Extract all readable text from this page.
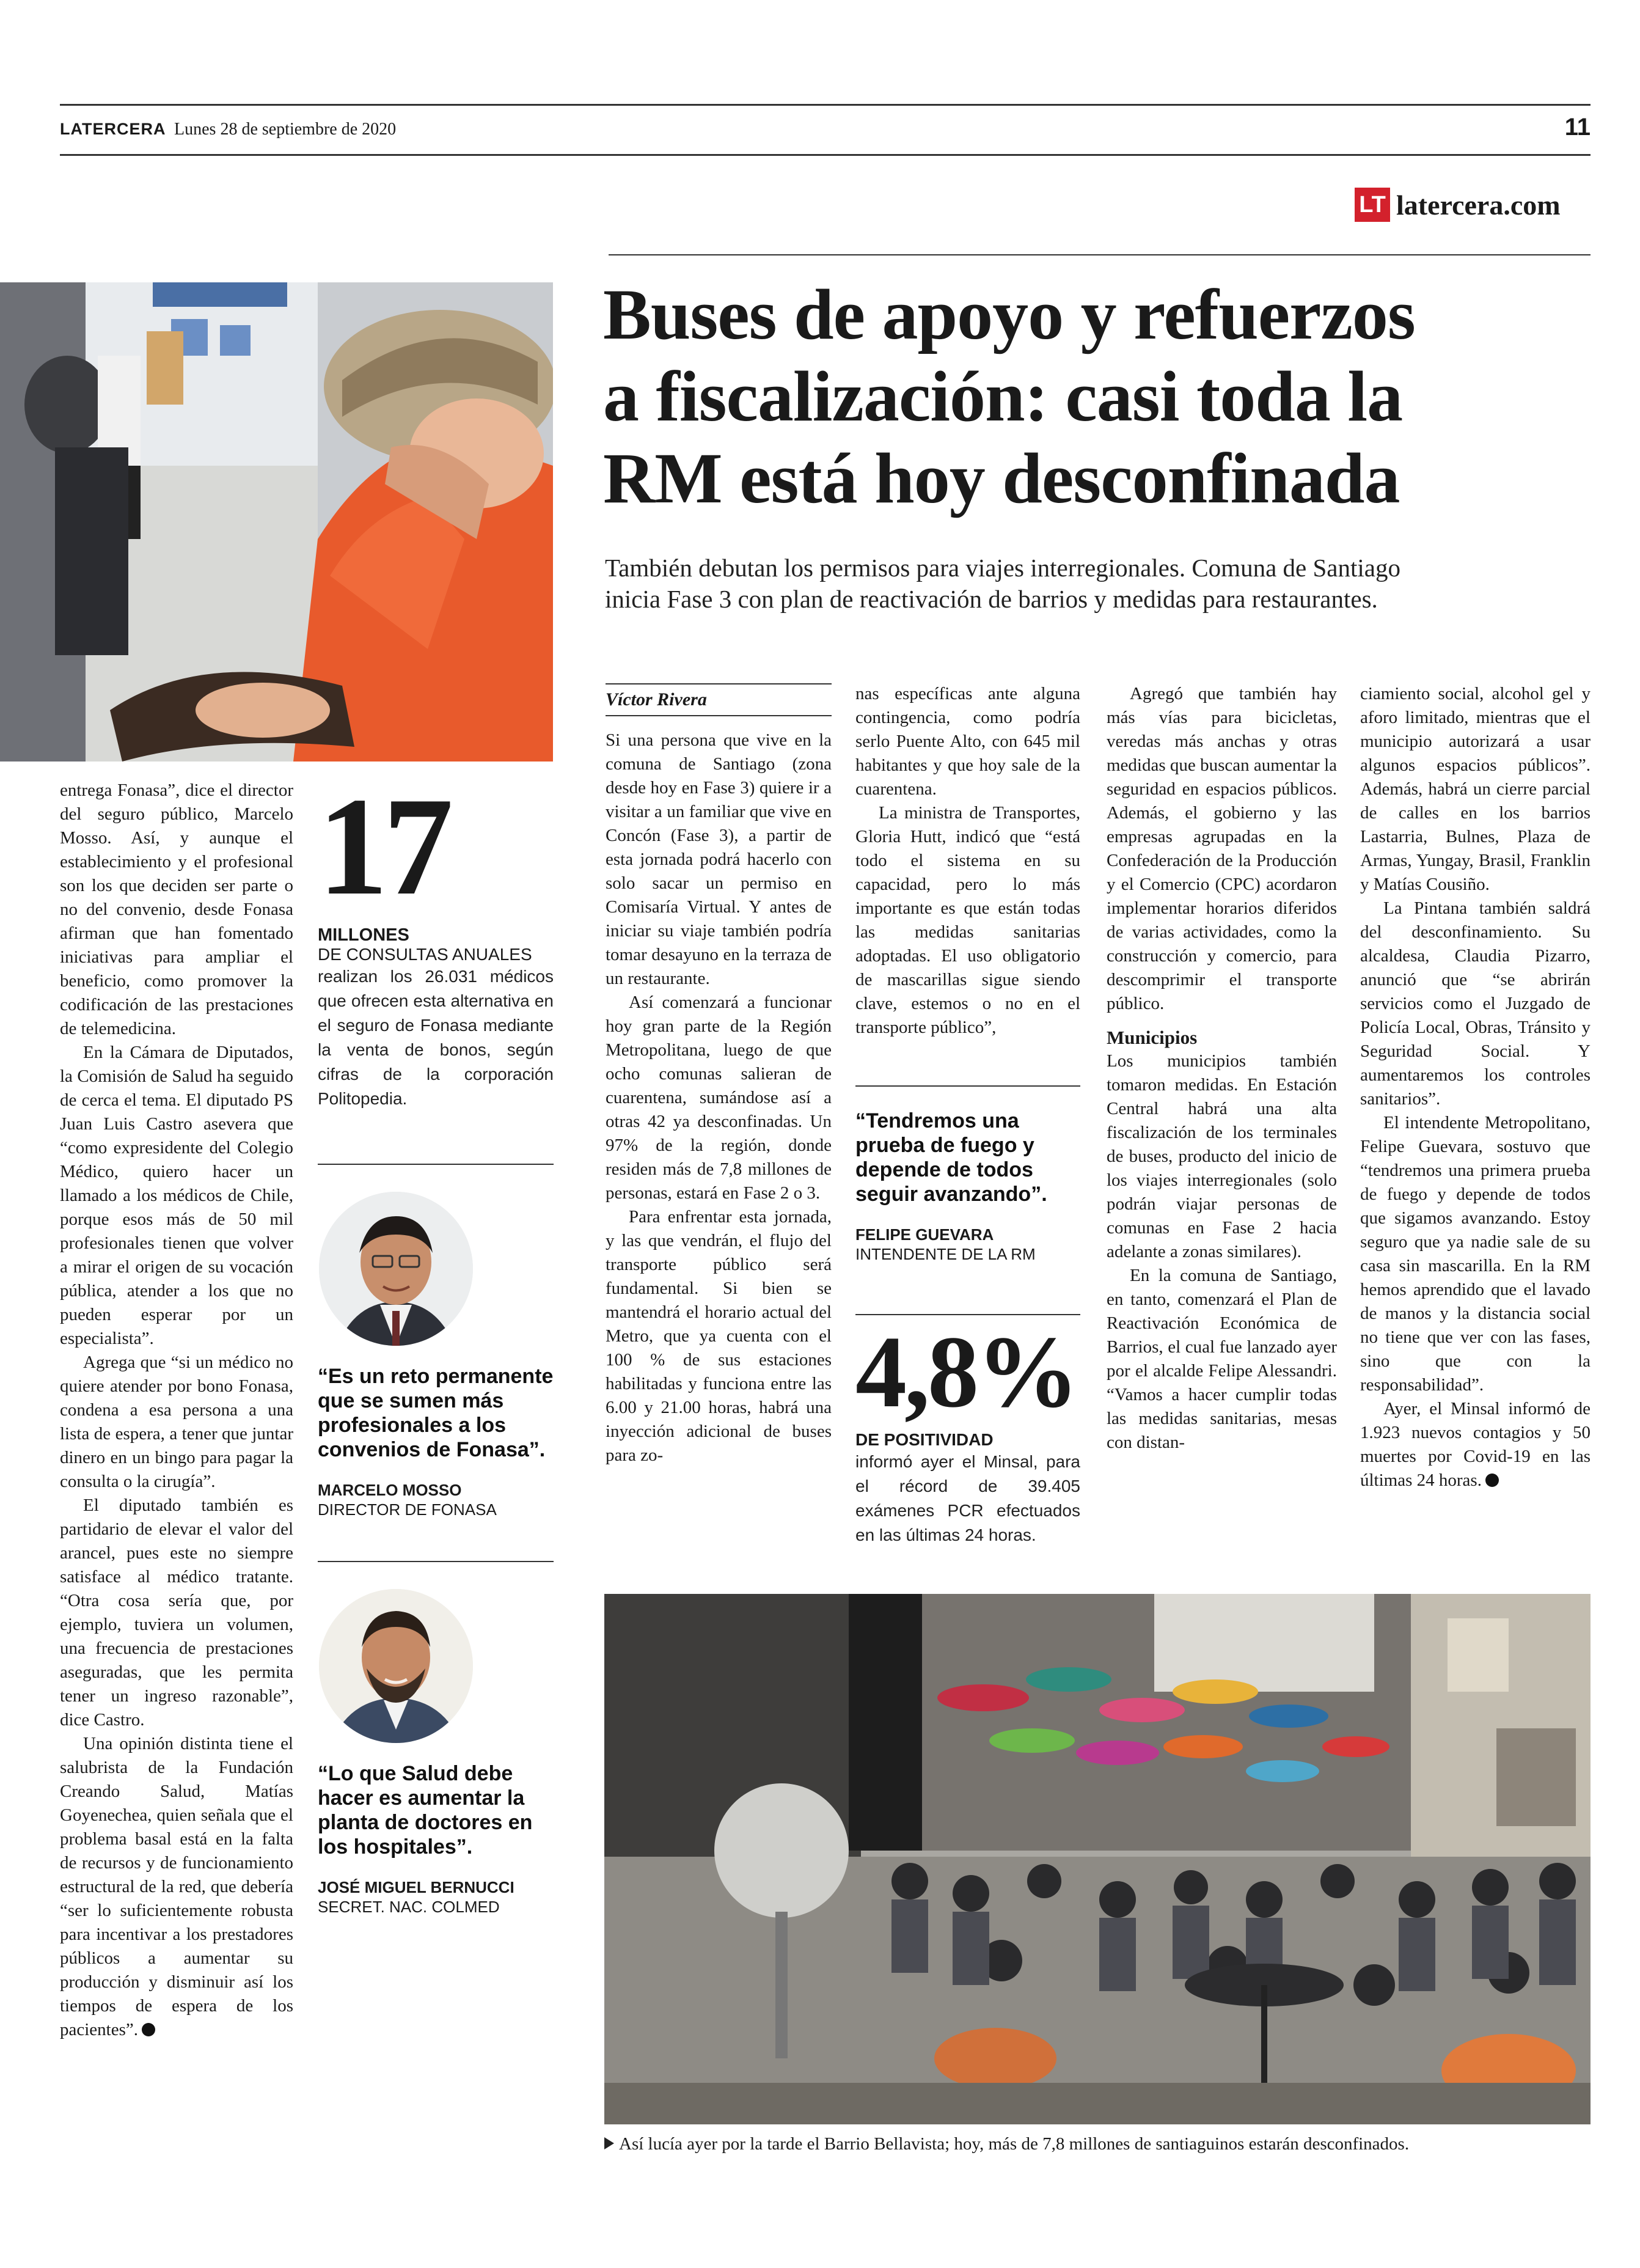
LATERCERA Lunes 28 de septiembre de 2020	11
LT latercera.com
Buses de apoyo y refuerzos
a fiscalización: casi toda la
RM está hoy desconfinada
También debutan los permisos para viajes interregionales. Comuna de Santiago
inicia Fase 3 con plan de reactivación de barrios y medidas para restaurantes.
Víctor Rivera

Si una persona que vive en la comuna de Santiago (zona desde hoy en Fase 3) quiere ir a visitar a un familiar que vive en Concón (Fase 3), a partir de esta jornada podrá hacerlo con solo sacar un permiso en Comisaría Virtual. Y antes de iniciar su viaje también podría tomar desayuno en la terraza de un restaurante.

Así comenzará a funcionar hoy gran parte de la Región Metropolitana, luego de que ocho comunas salieran de cuarentena, sumándose así a otras 42 ya desconfinadas. Un 97% de la región, donde residen más de 7,8 millones de personas, estará en Fase 2 o 3.

Para enfrentar esta jornada, y las que vendrán, el flujo del transporte público será fundamental. Si bien se mantendrá el horario actual del Metro, que ya cuenta con el 100 % de sus estaciones habilitadas y funciona entre las 6.00 y 21.00 horas, habrá una inyección adicional de buses para zo-

nas específicas ante alguna contingencia, como podría serlo Puente Alto, con 645 mil habitantes y que hoy sale de la cuarentena.

La ministra de Transportes, Gloria Hutt, indicó que “está todo el sistema en su capacidad, pero lo más importante es que están todas las medidas sanitarias adoptadas. El uso obligatorio de mascarillas sigue siendo clave, estemos o no en el transporte público”,

“Tendremos una prueba de fuego y depende de todos seguir avanzando”.
FELIPE GUEVARA
INTENDENTE DE LA RM
4,8%
DE POSITIVIDAD
informó ayer el Minsal, para el récord de 39.405 exámenes PCR efectuados en las últimas 24 horas.

Agregó que también hay más vías para bicicletas, veredas más anchas y otras medidas que buscan aumentar la seguridad en espacios públicos. Además, el gobierno y las empresas agrupadas en la Confederación de la Producción y el Comercio (CPC) acordaron implementar horarios diferidos de varias actividades, como la construcción y comercio, para descomprimir el transporte público.

Municipios

Los municipios también tomaron medidas. En Estación Central habrá una alta fiscalización de los terminales de buses, producto del inicio de los viajes interregionales (solo podrán viajar personas de comunas en Fase 2 hacia adelante a zonas similares).

En la comuna de Santiago, en tanto, comenzará el Plan de Reactivación Económica de Barrios, el cual fue lanzado ayer por el alcalde Felipe Alessandri. “Vamos a hacer cumplir todas las medidas sanitarias, mesas con distan-

ciamiento social, alcohol gel y aforo limitado, mientras que el municipio autorizará a usar algunos espacios públicos”. Además, habrá un cierre parcial de calles en los barrios Lastarria, Bulnes, Plaza de Armas, Yungay, Brasil, Franklin y Matías Cousiño.

La Pintana también saldrá del desconfinamiento. Su alcaldesa, Claudia Pizarro, anunció que “se abrirán servicios como el Juzgado de Policía Local, Obras, Tránsito y Seguridad Social. Y aumentaremos los controles sanitarios”.

El intendente Metropolitano, Felipe Guevara, sostuvo que “tendremos una primera prueba de fuego y depende de todos que sigamos avanzando. Estoy seguro que ya nadie sale de su casa sin mascarilla. En la RM hemos aprendido que el lavado de manos y la distancia social no tiene que ver con las fases, sino que con la responsabilidad”.

Ayer, el Minsal informó de 1.923 nuevos contagios y 50 muertes por Covid-19 en las últimas 24 horas.

Así lucía ayer por la tarde el Barrio Bellavista; hoy, más de 7,8 millones de santiaguinos estarán desconfinados.

entrega Fonasa”, dice el director del seguro público, Marcelo Mosso. Así, y aunque el establecimiento y el profesional son los que deciden ser parte o no del convenio, desde Fonasa afirman que han fomentado iniciativas para ampliar el beneficio, como promover la codificación de las prestaciones de telemedicina.

En la Cámara de Diputados, la Comisión de Salud ha seguido de cerca el tema. El diputado PS Juan Luis Castro asevera que “como expresidente del Colegio Médico, quiero hacer un llamado a los médicos de Chile, porque esos más de 50 mil profesionales tienen que volver a mirar el origen de su vocación pública, atender a los que no pueden esperar por un especialista”.

Agrega que “si un médico no quiere atender por bono Fonasa, condena a esa persona a una lista de espera, a tener que juntar dinero en un bingo para pagar la consulta o la cirugía”.

El diputado también es partidario de elevar el valor del arancel, pues este no siempre satisface al médico tratante. “Otra cosa sería que, por ejemplo, tuviera un volumen, una frecuencia de prestaciones aseguradas, que les permita tener un ingreso razonable”, dice Castro.

Una opinión distinta tiene el salubrista de la Fundación Creando Salud, Matías Goyenechea, quien señala que el problema basal está en la falta de recursos y de funcionamiento estructural de la red, que debería “ser lo suficientemente robusta para incentivar a los prestadores públicos a aumentar su producción y disminuir así los tiempos de espera de los pacientes”.

17
MILLONES
DE CONSULTAS ANUALES
realizan los 26.031 médicos que ofrecen esta alternativa en el seguro de Fonasa mediante la venta de bonos, según cifras de la corporación Politopedia.
“Es un reto permanente que se sumen más profesionales a los convenios de Fonasa”.
MARCELO MOSSO
DIRECTOR DE FONASA
“Lo que Salud debe hacer es aumentar la planta de doctores en los hospitales”.
JOSÉ MIGUEL BERNUCCI
SECRET. NAC. COLMED
